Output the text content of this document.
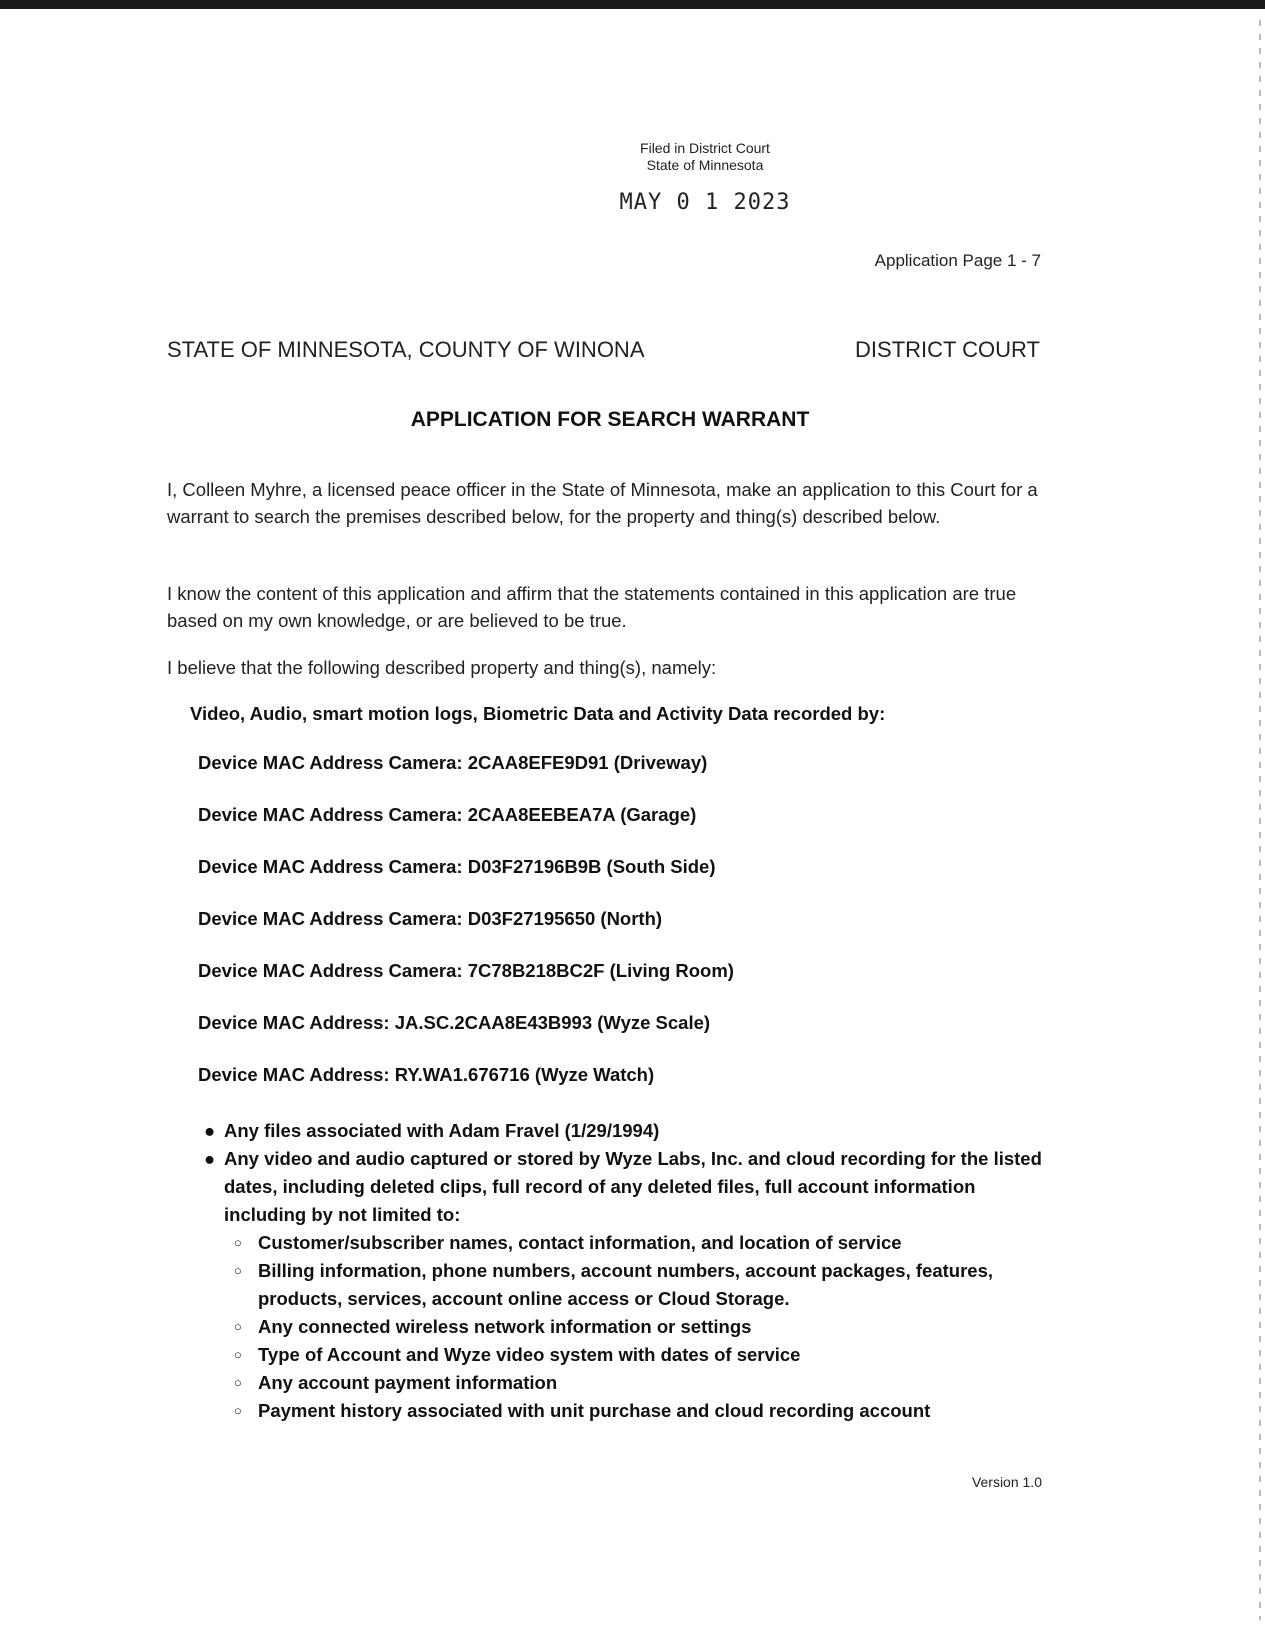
Filed in District Court
State of Minnesota
MAY 0 1 2023
Application Page 1 - 7
STATE OF MINNESOTA, COUNTY OF WINONA	DISTRICT COURT
APPLICATION FOR SEARCH WARRANT

I, Colleen Myhre, a licensed peace officer in the State of Minnesota, make an application to this Court for a warrant to search the premises described below, for the property and thing(s) described below.

I know the content of this application and affirm that the statements contained in this application are true based on my own knowledge, or are believed to be true.

I believe that the following described property and thing(s), namely:

Video, Audio, smart motion logs, Biometric Data and Activity Data recorded by:
Device MAC Address Camera: 2CAA8EFE9D91 (Driveway)
Device MAC Address Camera: 2CAA8EEBEA7A (Garage)
Device MAC Address Camera: D03F27196B9B (South Side)
Device MAC Address Camera: D03F27195650 (North)
Device MAC Address Camera: 7C78B218BC2F (Living Room)
Device MAC Address: JA.SC.2CAA8E43B993 (Wyze Scale)
Device MAC Address: RY.WA1.676716 (Wyze Watch)
● Any files associated with Adam Fravel (1/29/1994)
● Any video and audio captured or stored by Wyze Labs, Inc. and cloud recording for the listed dates, including deleted clips, full record of any deleted files, full account information including by not limited to:
○ Customer/subscriber names, contact information, and location of service
○ Billing information, phone numbers, account numbers, account packages, features, products, services, account online access or Cloud Storage.
○ Any connected wireless network information or settings
○ Type of Account and Wyze video system with dates of service
○ Any account payment information
○ Payment history associated with unit purchase and cloud recording account
Version 1.0
